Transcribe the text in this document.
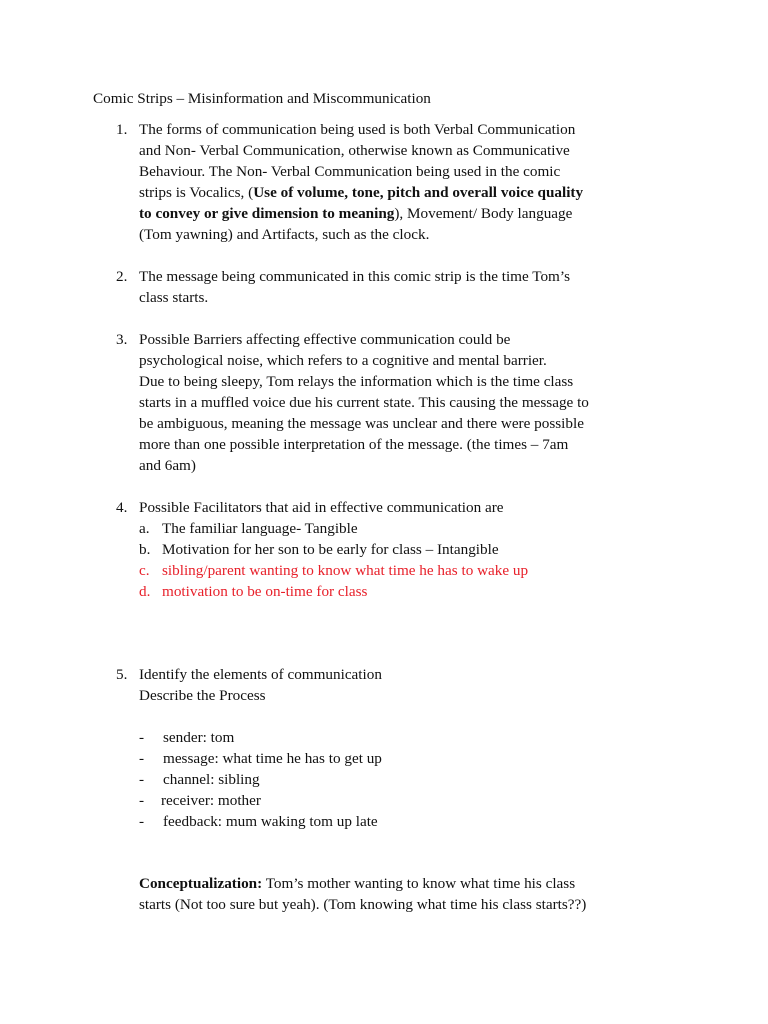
Comic Strips – Misinformation and Miscommunication
1. The forms of communication being used is both Verbal Communication
and Non- Verbal Communication, otherwise known as Communicative
Behaviour. The Non- Verbal Communication being used in the comic
strips is Vocalics, (Use of volume, tone, pitch and overall voice quality
to convey or give dimension to meaning), Movement/ Body language
(Tom yawning) and Artifacts, such as the clock.
2. The message being communicated in this comic strip is the time Tom’s
class starts.
3. Possible Barriers affecting effective communication could be
psychological noise, which refers to a cognitive and mental barrier.
Due to being sleepy, Tom relays the information which is the time class
starts in a muffled voice due his current state. This causing the message to
be ambiguous, meaning the message was unclear and there were possible
more than one possible interpretation of the message. (the times – 7am
and 6am)
4. Possible Facilitators that aid in effective communication are
a. The familiar language- Tangible
b. Motivation for her son to be early for class – Intangible
c. sibling/parent wanting to know what time he has to wake up
d. motivation to be on-time for class
5. Identify the elements of communication
Describe the Process
- sender: tom
- message: what time he has to get up
- channel: sibling
- receiver: mother
- feedback: mum waking tom up late
Conceptualization: Tom’s mother wanting to know what time his class
starts (Not too sure but yeah). (Tom knowing what time his class starts??)
